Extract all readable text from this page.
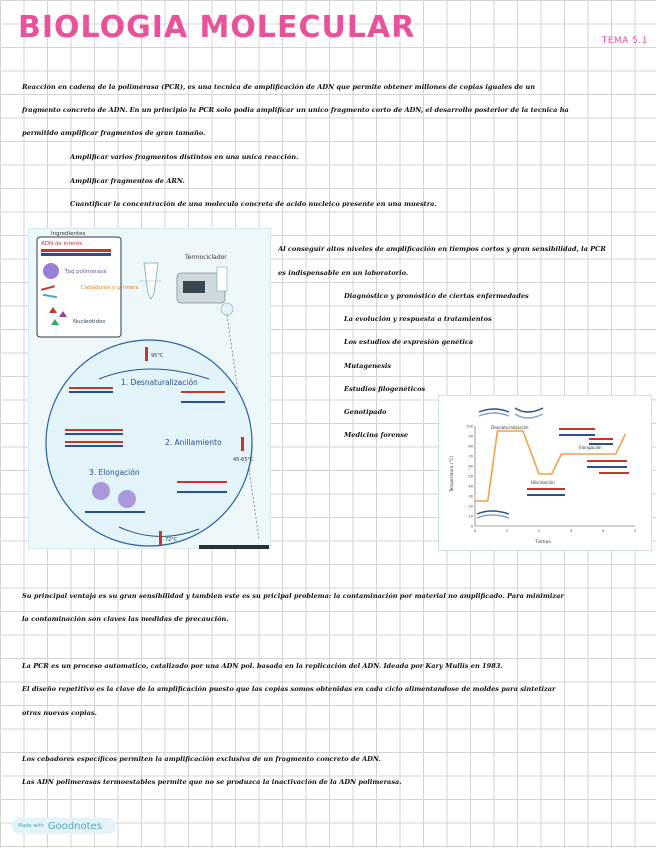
BIOLOGIA MOLECULAR	TEMA 5.1
Reacción en cadena de la polimerasa (PCR), es una tecnica de amplificación de ADN que permite obtener millones de copias iguales de un
fragmento concreto de ADN. En un principio la PCR solo podia amplificar un unico fragmento corto de ADN, el desarrollo posterior de la tecnica ha
permitido amplificar fragmentos de gran tamaño.
• Amplificar varios fragmentos distintos en una unica reacción.
• Amplificar fragmentos de ARN.
• Cuantificar la concentración de una molecula concreta de acido nucleico presente en una muestra.
Ingredientes
ADN de interés
Taq polimerasa
Cebadores o primers
Nucleótidos
Termociclador
95°C
1. Desnaturalización
2. Anillamiento
45-65°C
3. Elongación
72°C
Al conseguir altos niveles de amplificación en tiempos cortos y gran sensibilidad, la PCR
es indispensable en un laboratorio.
• Diagnóstico y pronóstico de ciertas enfermedades
• La evolución y respuesta a tratamientos
• Los estudios de expresión genética
• Mutagenesis
• Estudios filogenéticos
• Genotipado
• Medicina forense
0
10
20
30
40
50
60
70
80
90
100
0	1	2	3	4	5
Desnaturalización
Hibridación
Elongación
Tiempo
Temperatura (°C)
Su principal ventaja es su gran sensibilidad y tambien este es su pricipal problema: la contaminación por material no amplificado. Para minimizar
la contaminación son claves las medidas de precaución.
La PCR es un proceso automatico, catalizado por una ADN pol. basada en la replicación del ADN. Ideada por Kary Mullis en 1983.
El diseño repetitivo es la clave de la amplificación puesto que las copias somos obtenidas en cada ciclo alimentandose de moldes para sintetizar
otras nuevas copias.
Los cebadores específicos permiten la amplificación exclusiva de un fragmento concreto de ADN.
Las ADN polimerasas termoestables permite que no se produzca la inactivación de la ADN polimerasa.
Made with Goodnotes
